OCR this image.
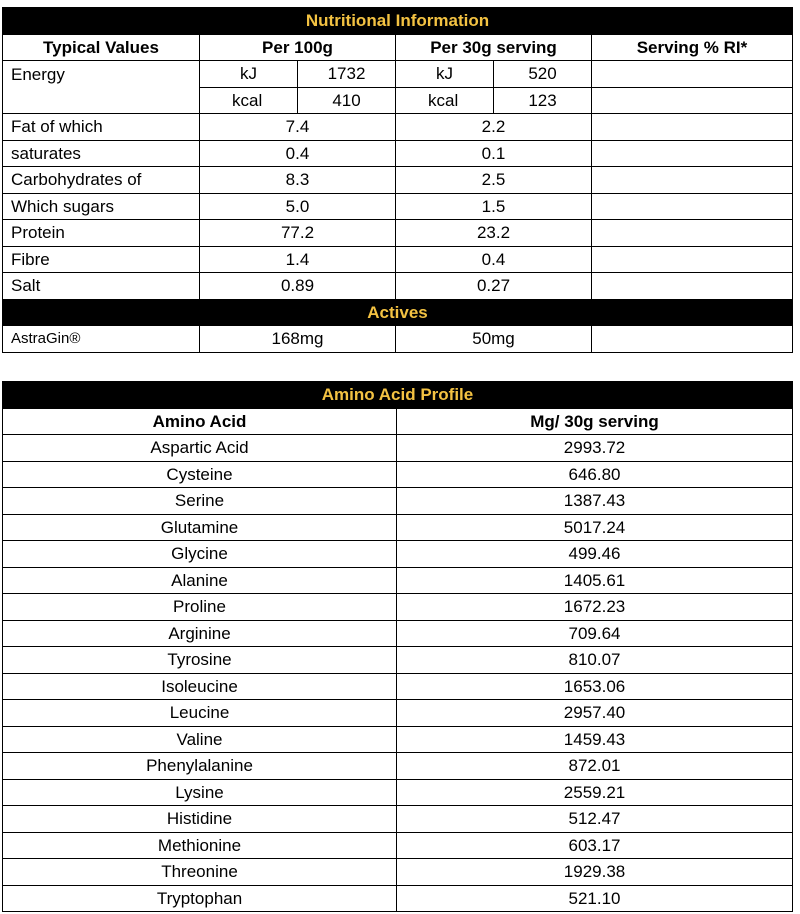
Nutritional Information					
Typical Values	Per 100g		Per 30g serving		Serving % RI*
Energy	kJ	1732	kJ	520	
	kcal	410	kcal	123	
Fat of which	7.4		2.2		
saturates	0.4		0.1		
Carbohydrates of	8.3		2.5		
Which sugars	5.0		1.5		
Protein	77.2		23.2		
Fibre	1.4		0.4		
Salt	0.89		0.27		
Actives					
AstraGin®	168mg		50mg		
Amino Acid Profile	
Amino Acid	Mg/ 30g serving
Aspartic Acid	2993.72
Cysteine	646.80
Serine	1387.43
Glutamine	5017.24
Glycine	499.46
Alanine	1405.61
Proline	1672.23
Arginine	709.64
Tyrosine	810.07
Isoleucine	1653.06
Leucine	2957.40
Valine	1459.43
Phenylalanine	872.01
Lysine	2559.21
Histidine	512.47
Methionine	603.17
Threonine	1929.38
Tryptophan	521.10
